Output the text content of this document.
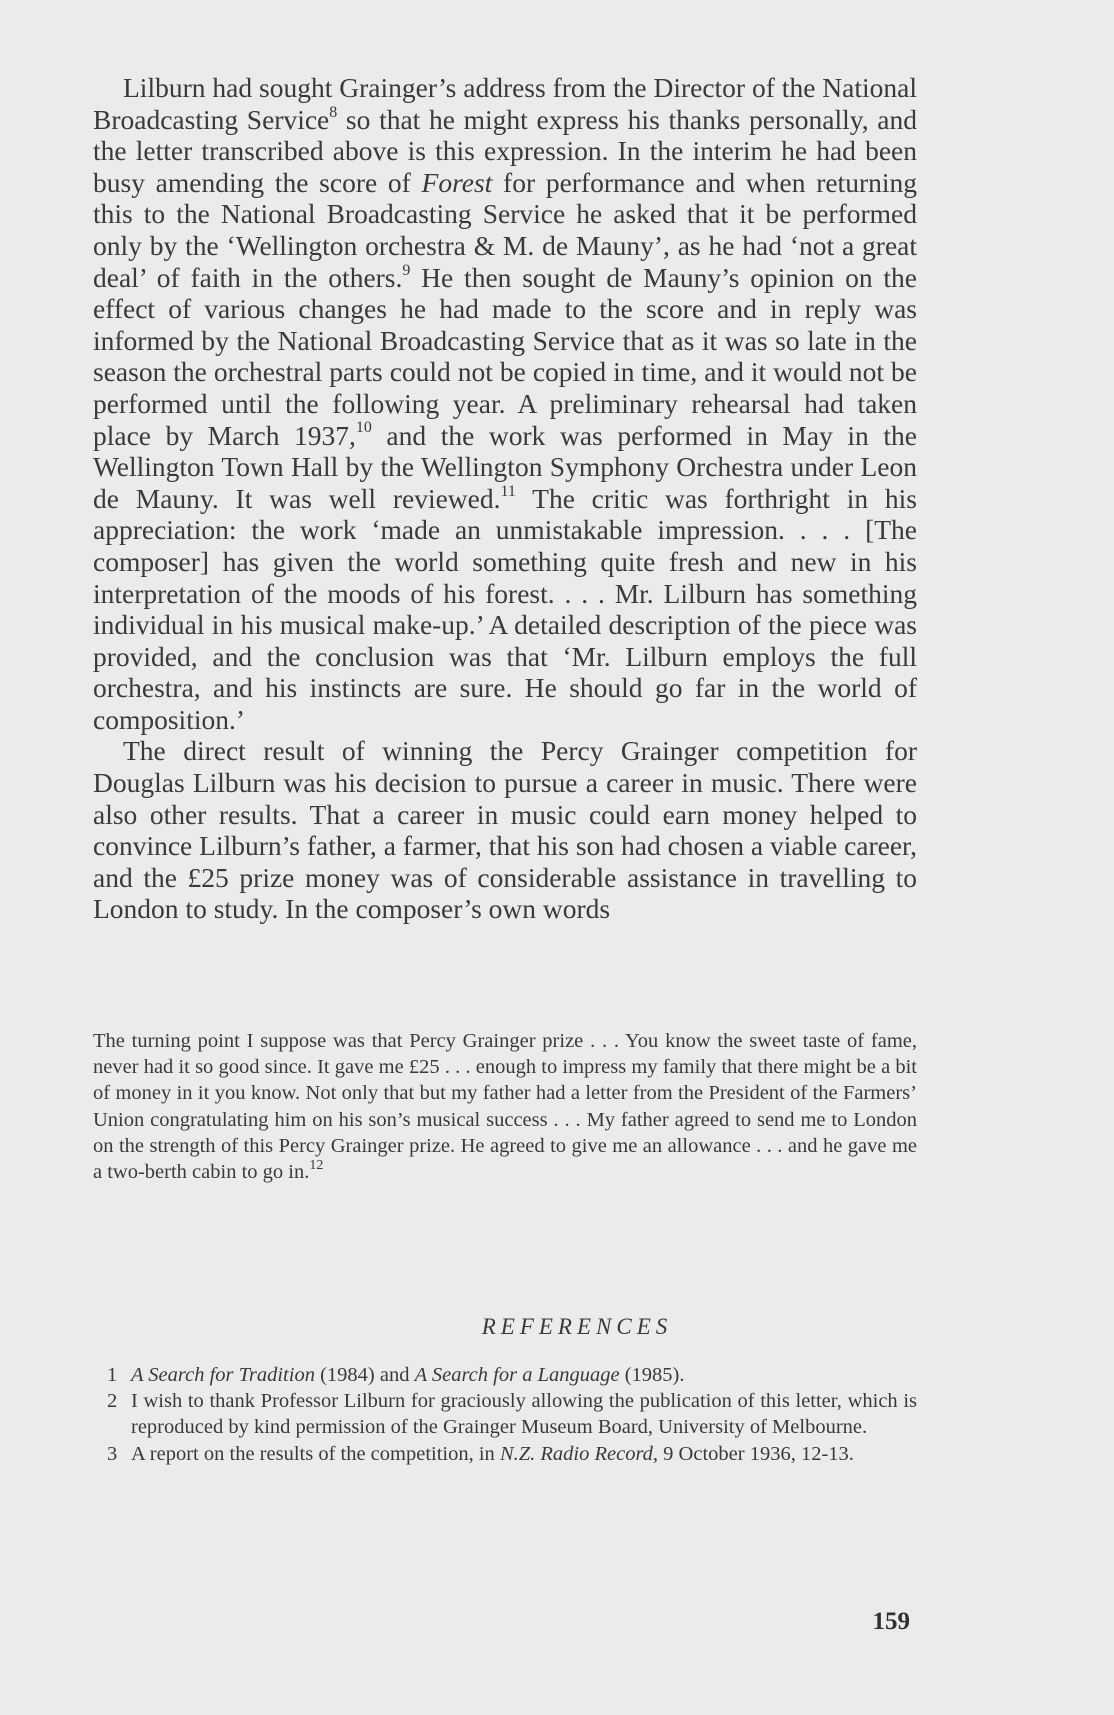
Lilburn had sought Grainger’s address from the Director of the National Broadcasting Service$^8$ so that he might express his thanks personally, and the letter transcribed above is this expression. In the interim he had been busy amending the score of Forest for performance and when returning this to the National Broadcasting Service he asked that it be performed only by the ‘Wellington orchestra & M. de Mauny’, as he had ‘not a great deal’ of faith in the others.$^9$ He then sought de Mauny’s opinion on the effect of various changes he had made to the score and in reply was informed by the National Broadcasting Service that as it was so late in the season the orchestral parts could not be copied in time, and it would not be performed until the following year. A preliminary rehearsal had taken place by March 1937,10 and the work was performed in May in the Wellington Town Hall by the Wellington Symphony Orchestra under Leon de Mauny. It was well reviewed.$^{11}$ The critic was forthright in his appreciation: the work ‘made an unmistakable impression. . . . [The composer] has given the world something quite fresh and new in his interpretation of the moods of his forest. . . . Mr. Lilburn has something individual in his musical make-up.’ A detailed description of the piece was provided, and the conclusion was that ‘Mr. Lilburn employs the full orchestra, and his instincts are sure. He should go far in the world of composition.’

The direct result of winning the Percy Grainger competition for Douglas Lilburn was his decision to pursue a career in music. There were also other results. That a career in music could earn money helped to convince Lilburn’s father, a farmer, that his son had chosen a viable career, and the £25 prize money was of considerable assistance in travelling to London to study. In the composer’s own words

The turning point I suppose was that Percy Grainger prize . . . You know the sweet taste of fame, never had it so good since. It gave me £25 . . . enough to impress my family that there might be a bit of money in it you know. Not only that but my father had a letter from the President of the Farmers’ Union congratulating him on his son’s musical success . . . My father agreed to send me to London on the strength of this Percy Grainger prize. He agreed to give me an allowance . . . and he gave me a two-berth cabin to go in.$^{12}$

REFERENCES
1 A Search for Tradition (1984) and A Search for a Language (1985).
2 I wish to thank Professor Lilburn for graciously allowing the publication of this letter, which is reproduced by kind permission of the Grainger Museum Board, University of Melbourne.
3 A report on the results of the competition, in N.Z. Radio Record, 9 October 1936, 12-13.
159
